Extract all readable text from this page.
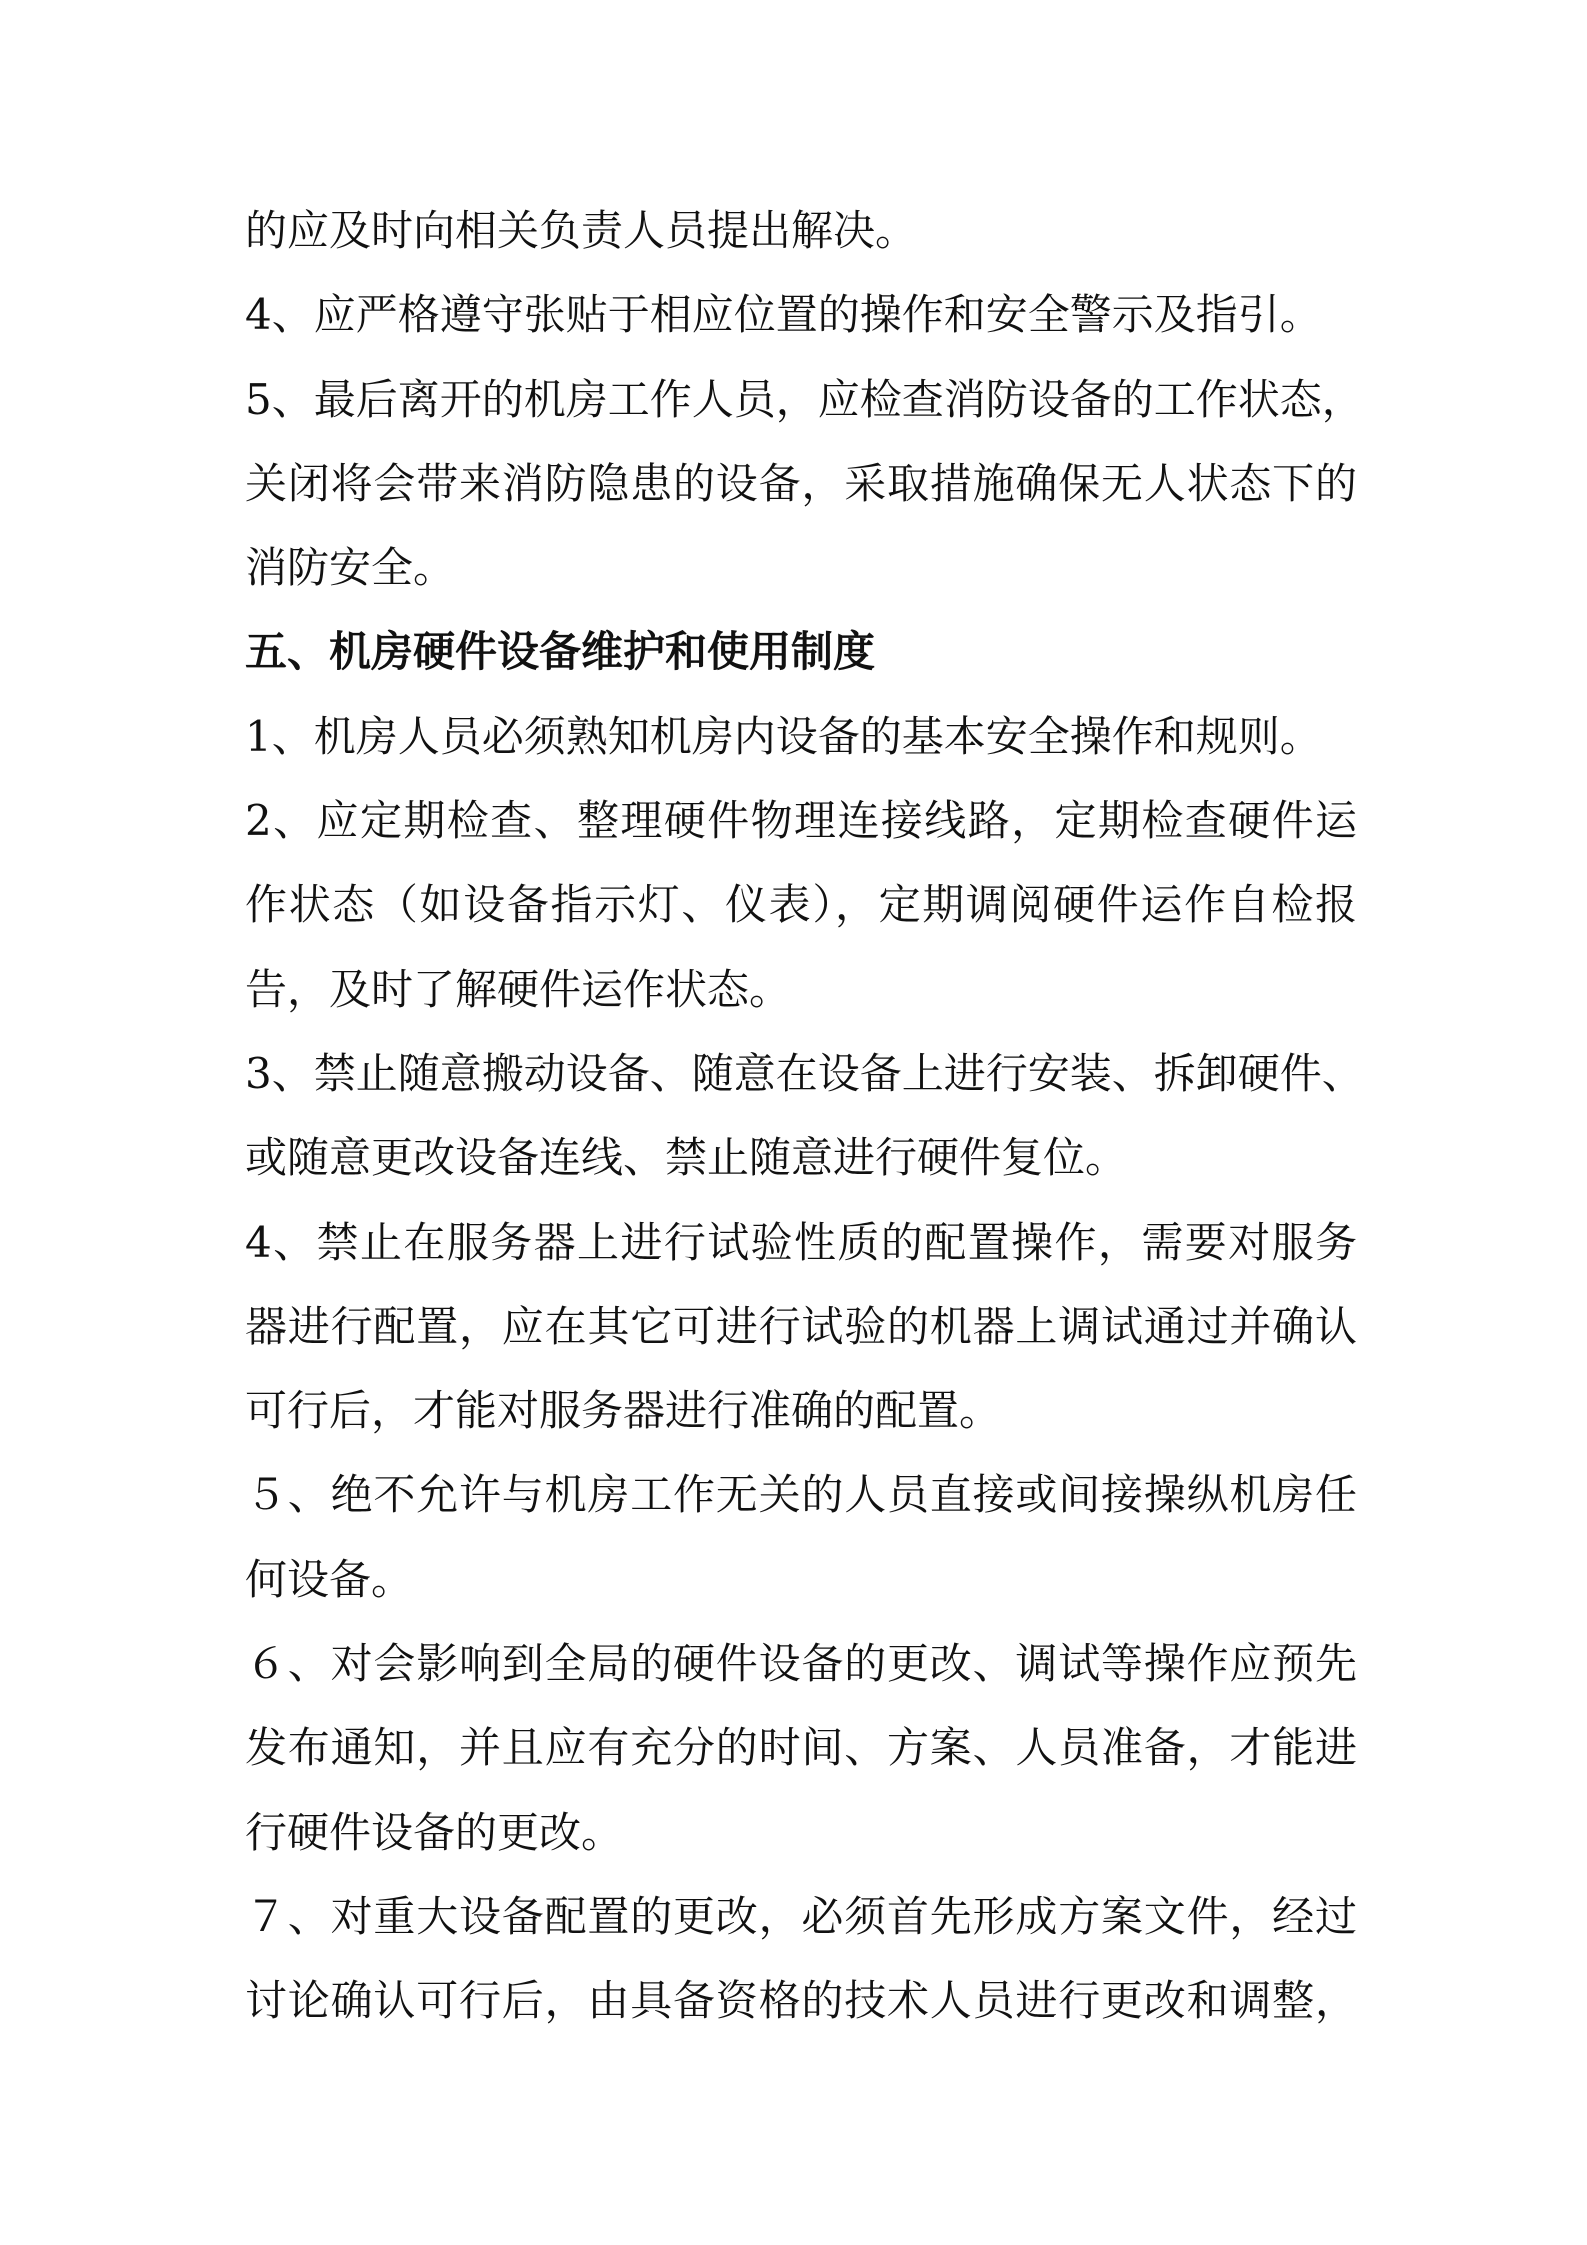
的应及时向相关负责人员提出解决。
4、应严格遵守张贴于相应位置的操作和安全警示及指引。
5、最后离开的机房工作人员，应检查消防设备的工作状态，
关闭将会带来消防隐患的设备，采取措施确保无人状态下的
消防安全。
五、机房硬件设备维护和使用制度
1、机房人员必须熟知机房内设备的基本安全操作和规则。
2、应定期检查、整理硬件物理连接线路，定期检查硬件运
作状态（如设备指示灯、仪表），定期调阅硬件运作自检报
告，及时了解硬件运作状态。
3、禁止随意搬动设备、随意在设备上进行安装、拆卸硬件、
或随意更改设备连线、禁止随意进行硬件复位。
4、禁止在服务器上进行试验性质的配置操作，需要对服务
器进行配置，应在其它可进行试验的机器上调试通过并确认
可行后，才能对服务器进行准确的配置。
５、绝不允许与机房工作无关的人员直接或间接操纵机房任
何设备。
６、对会影响到全局的硬件设备的更改、调试等操作应预先
发布通知，并且应有充分的时间、方案、人员准备，才能进
行硬件设备的更改。
７、对重大设备配置的更改，必须首先形成方案文件，经过
讨论确认可行后，由具备资格的技术人员进行更改和调整，
